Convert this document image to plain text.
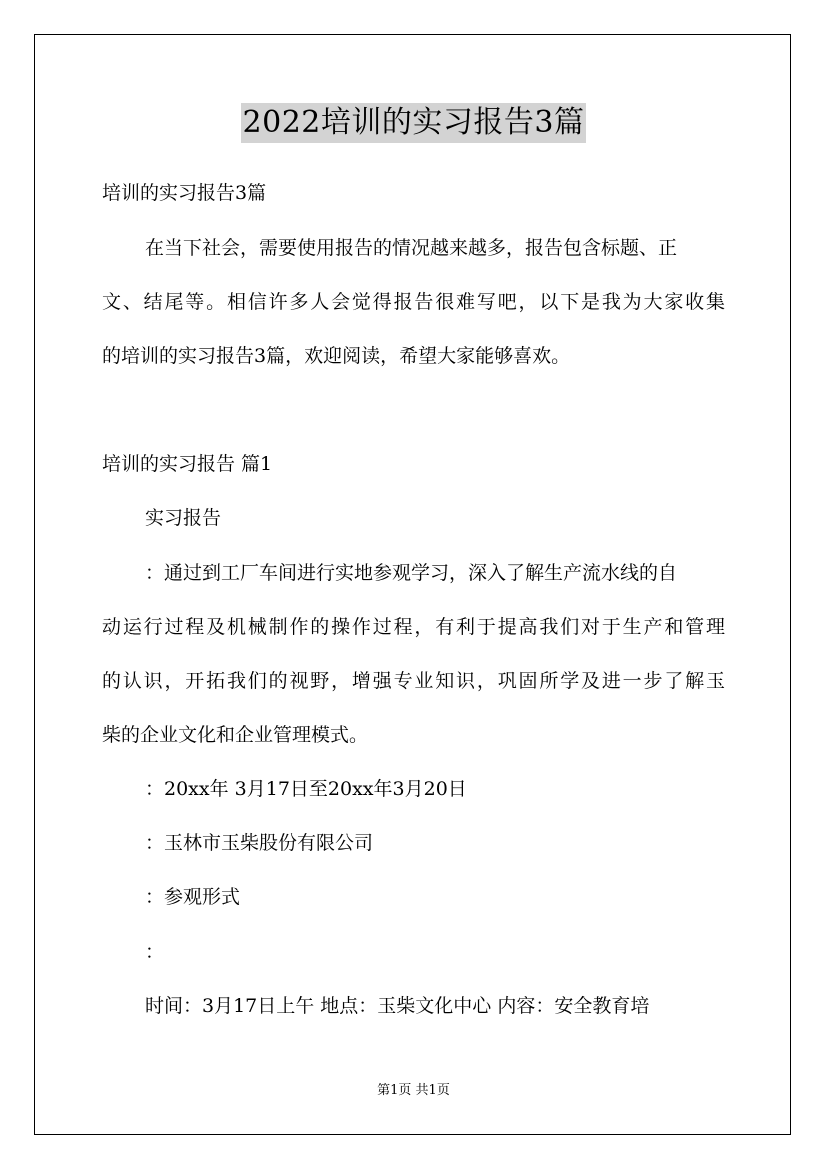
2022培训的实习报告3篇
培训的实习报告3篇
在当下社会，需要使用报告的情况越来越多，报告包含标题、正
文、结尾等。相信许多人会觉得报告很难写吧，以下是我为大家收集
的培训的实习报告3篇，欢迎阅读，希望大家能够喜欢。
培训的实习报告 篇1
实习报告
：通过到工厂车间进行实地参观学习，深入了解生产流水线的自
动运行过程及机械制作的操作过程，有利于提高我们对于生产和管理
的认识，开拓我们的视野，增强专业知识，巩固所学及进一步了解玉
柴的企业文化和企业管理模式。
：20xx年 3月17日至20xx年3月20日
：玉林市玉柴股份有限公司
：参观形式
：
时间：3月17日上午 地点：玉柴文化中心 内容：安全教育培
第1页 共1页
